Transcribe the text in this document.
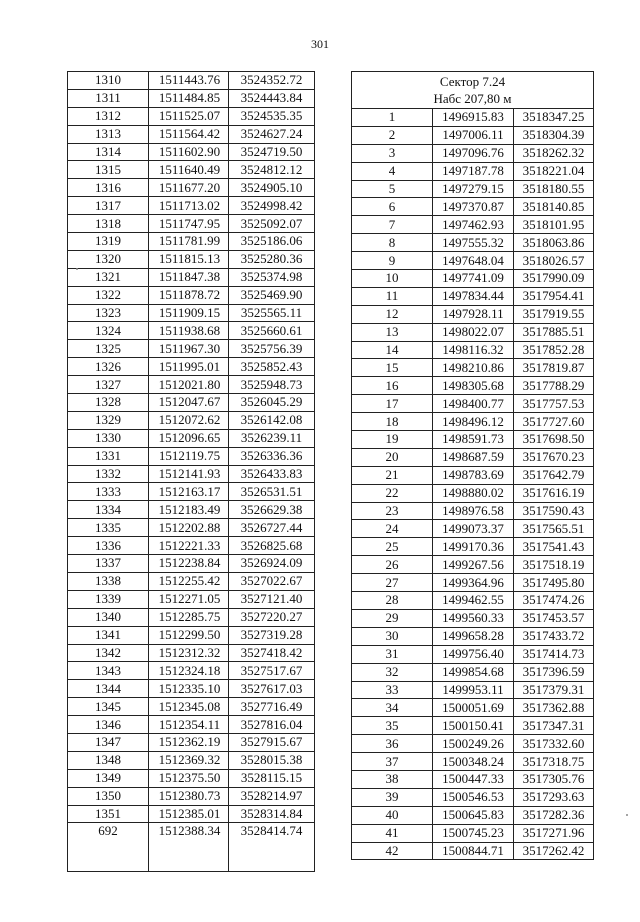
301
1310	1511443.76	3524352.72
1311	1511484.85	3524443.84
1312	1511525.07	3524535.35
1313	1511564.42	3524627.24
1314	1511602.90	3524719.50
1315	1511640.49	3524812.12
1316	1511677.20	3524905.10
1317	1511713.02	3524998.42
1318	1511747.95	3525092.07
1319	1511781.99	3525186.06
1320	1511815.13	3525280.36
1321	1511847.38	3525374.98
1322	1511878.72	3525469.90
1323	1511909.15	3525565.11
1324	1511938.68	3525660.61
1325	1511967.30	3525756.39
1326	1511995.01	3525852.43
1327	1512021.80	3525948.73
1328	1512047.67	3526045.29
1329	1512072.62	3526142.08
1330	1512096.65	3526239.11
1331	1512119.75	3526336.36
1332	1512141.93	3526433.83
1333	1512163.17	3526531.51
1334	1512183.49	3526629.38
1335	1512202.88	3526727.44
1336	1512221.33	3526825.68
1337	1512238.84	3526924.09
1338	1512255.42	3527022.67
1339	1512271.05	3527121.40
1340	1512285.75	3527220.27
1341	1512299.50	3527319.28
1342	1512312.32	3527418.42
1343	1512324.18	3527517.67
1344	1512335.10	3527617.03
1345	1512345.08	3527716.49
1346	1512354.11	3527816.04
1347	1512362.19	3527915.67
1348	1512369.32	3528015.38
1349	1512375.50	3528115.15
1350	1512380.73	3528214.97
1351	1512385.01	3528314.84
692	1512388.34	3528414.74
Сектор 7.24
Набс 207,80 м		

1	1496915.83	3518347.25
2	1497006.11	3518304.39
3	1497096.76	3518262.32
4	1497187.78	3518221.04
5	1497279.15	3518180.55
6	1497370.87	3518140.85
7	1497462.93	3518101.95
8	1497555.32	3518063.86
9	1497648.04	3518026.57
10	1497741.09	3517990.09
11	1497834.44	3517954.41
12	1497928.11	3517919.55
13	1498022.07	3517885.51
14	1498116.32	3517852.28
15	1498210.86	3517819.87
16	1498305.68	3517788.29
17	1498400.77	3517757.53
18	1498496.12	3517727.60
19	1498591.73	3517698.50
20	1498687.59	3517670.23
21	1498783.69	3517642.79
22	1498880.02	3517616.19
23	1498976.58	3517590.43
24	1499073.37	3517565.51
25	1499170.36	3517541.43
26	1499267.56	3517518.19
27	1499364.96	3517495.80
28	1499462.55	3517474.26
29	1499560.33	3517453.57
30	1499658.28	3517433.72
31	1499756.40	3517414.73
32	1499854.68	3517396.59
33	1499953.11	3517379.31
34	1500051.69	3517362.88
35	1500150.41	3517347.31
36	1500249.26	3517332.60
37	1500348.24	3517318.75
38	1500447.33	3517305.76
39	1500546.53	3517293.63
40	1500645.83	3517282.36
41	1500745.23	3517271.96
42	1500844.71	3517262.42
